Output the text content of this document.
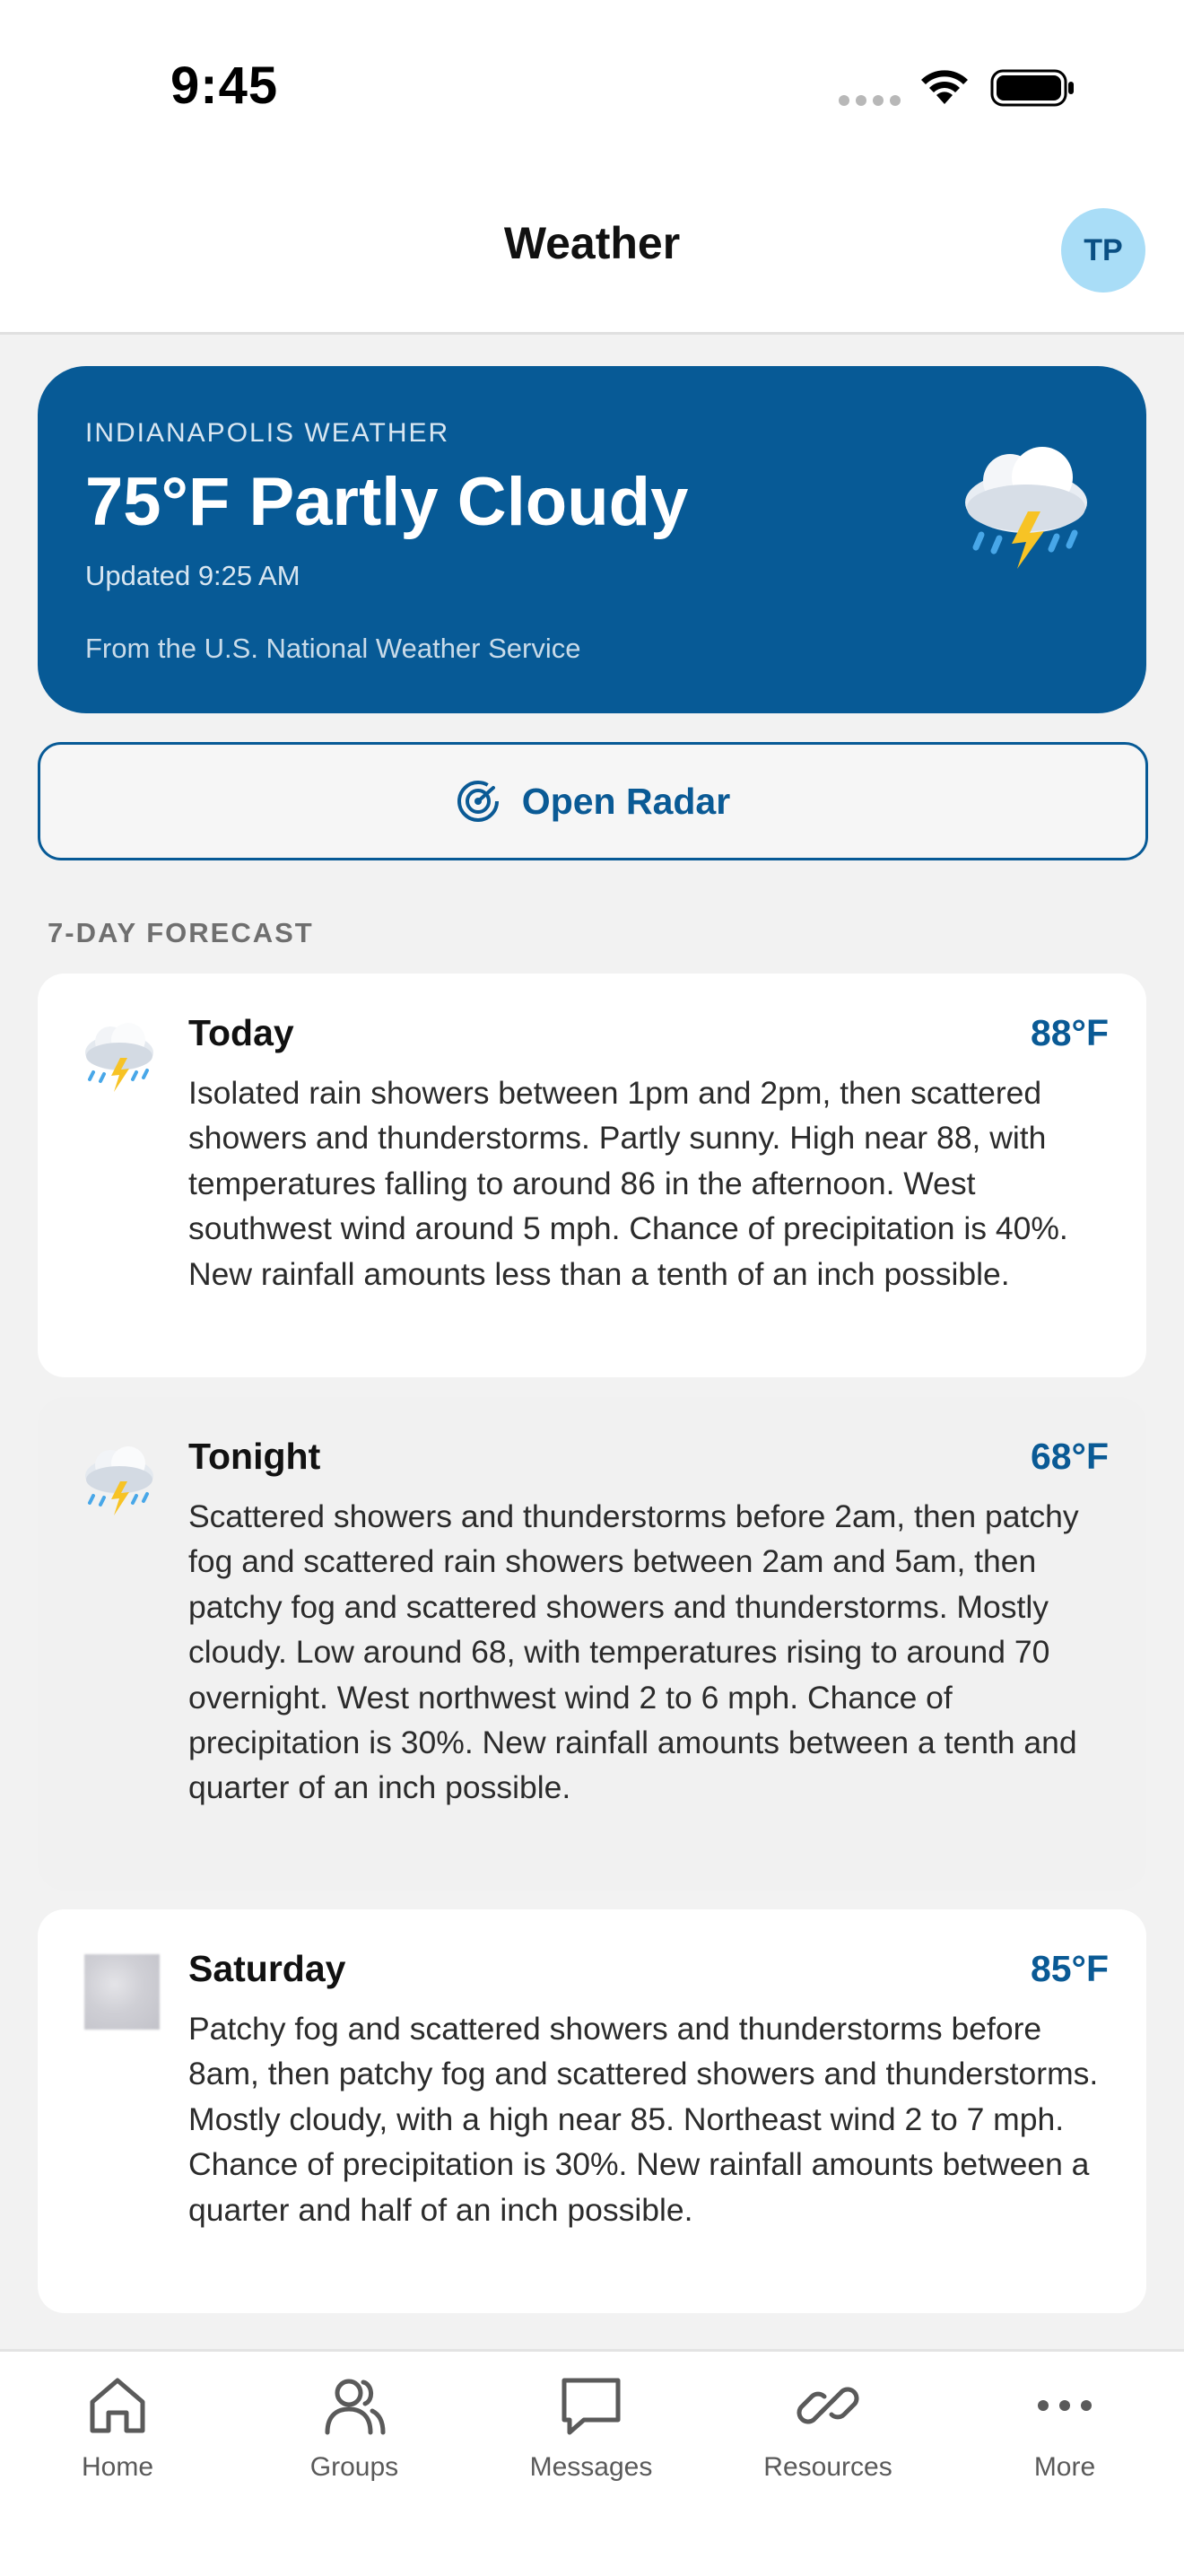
9:45
Weather	TP
INDIANAPOLIS WEATHER
75°F Partly Cloudy
Updated 9:25 AM
From the U.S. National Weather Service
Open Radar
7-DAY FORECAST
Today	88°F
Isolated rain showers between 1pm and 2pm, then scattered showers and thunderstorms. Partly sunny. High near 88, with temperatures falling to around 86 in the afternoon. West southwest wind around 5 mph. Chance of precipitation is 40%. New rainfall amounts less than a tenth of an inch possible.
Tonight	68°F
Scattered showers and thunderstorms before 2am, then patchy fog and scattered rain showers between 2am and 5am, then patchy fog and scattered showers and thunderstorms. Mostly cloudy. Low around 68, with temperatures rising to around 70 overnight. West northwest wind 2 to 6 mph. Chance of precipitation is 30%. New rainfall amounts between a tenth and quarter of an inch possible.
Saturday	85°F
Patchy fog and scattered showers and thunderstorms before 8am, then patchy fog and scattered showers and thunderstorms. Mostly cloudy, with a high near 85. Northeast wind 2 to 7 mph. Chance of precipitation is 30%. New rainfall amounts between a quarter and half of an inch possible.
Home	Groups	Messages	Resources	More
